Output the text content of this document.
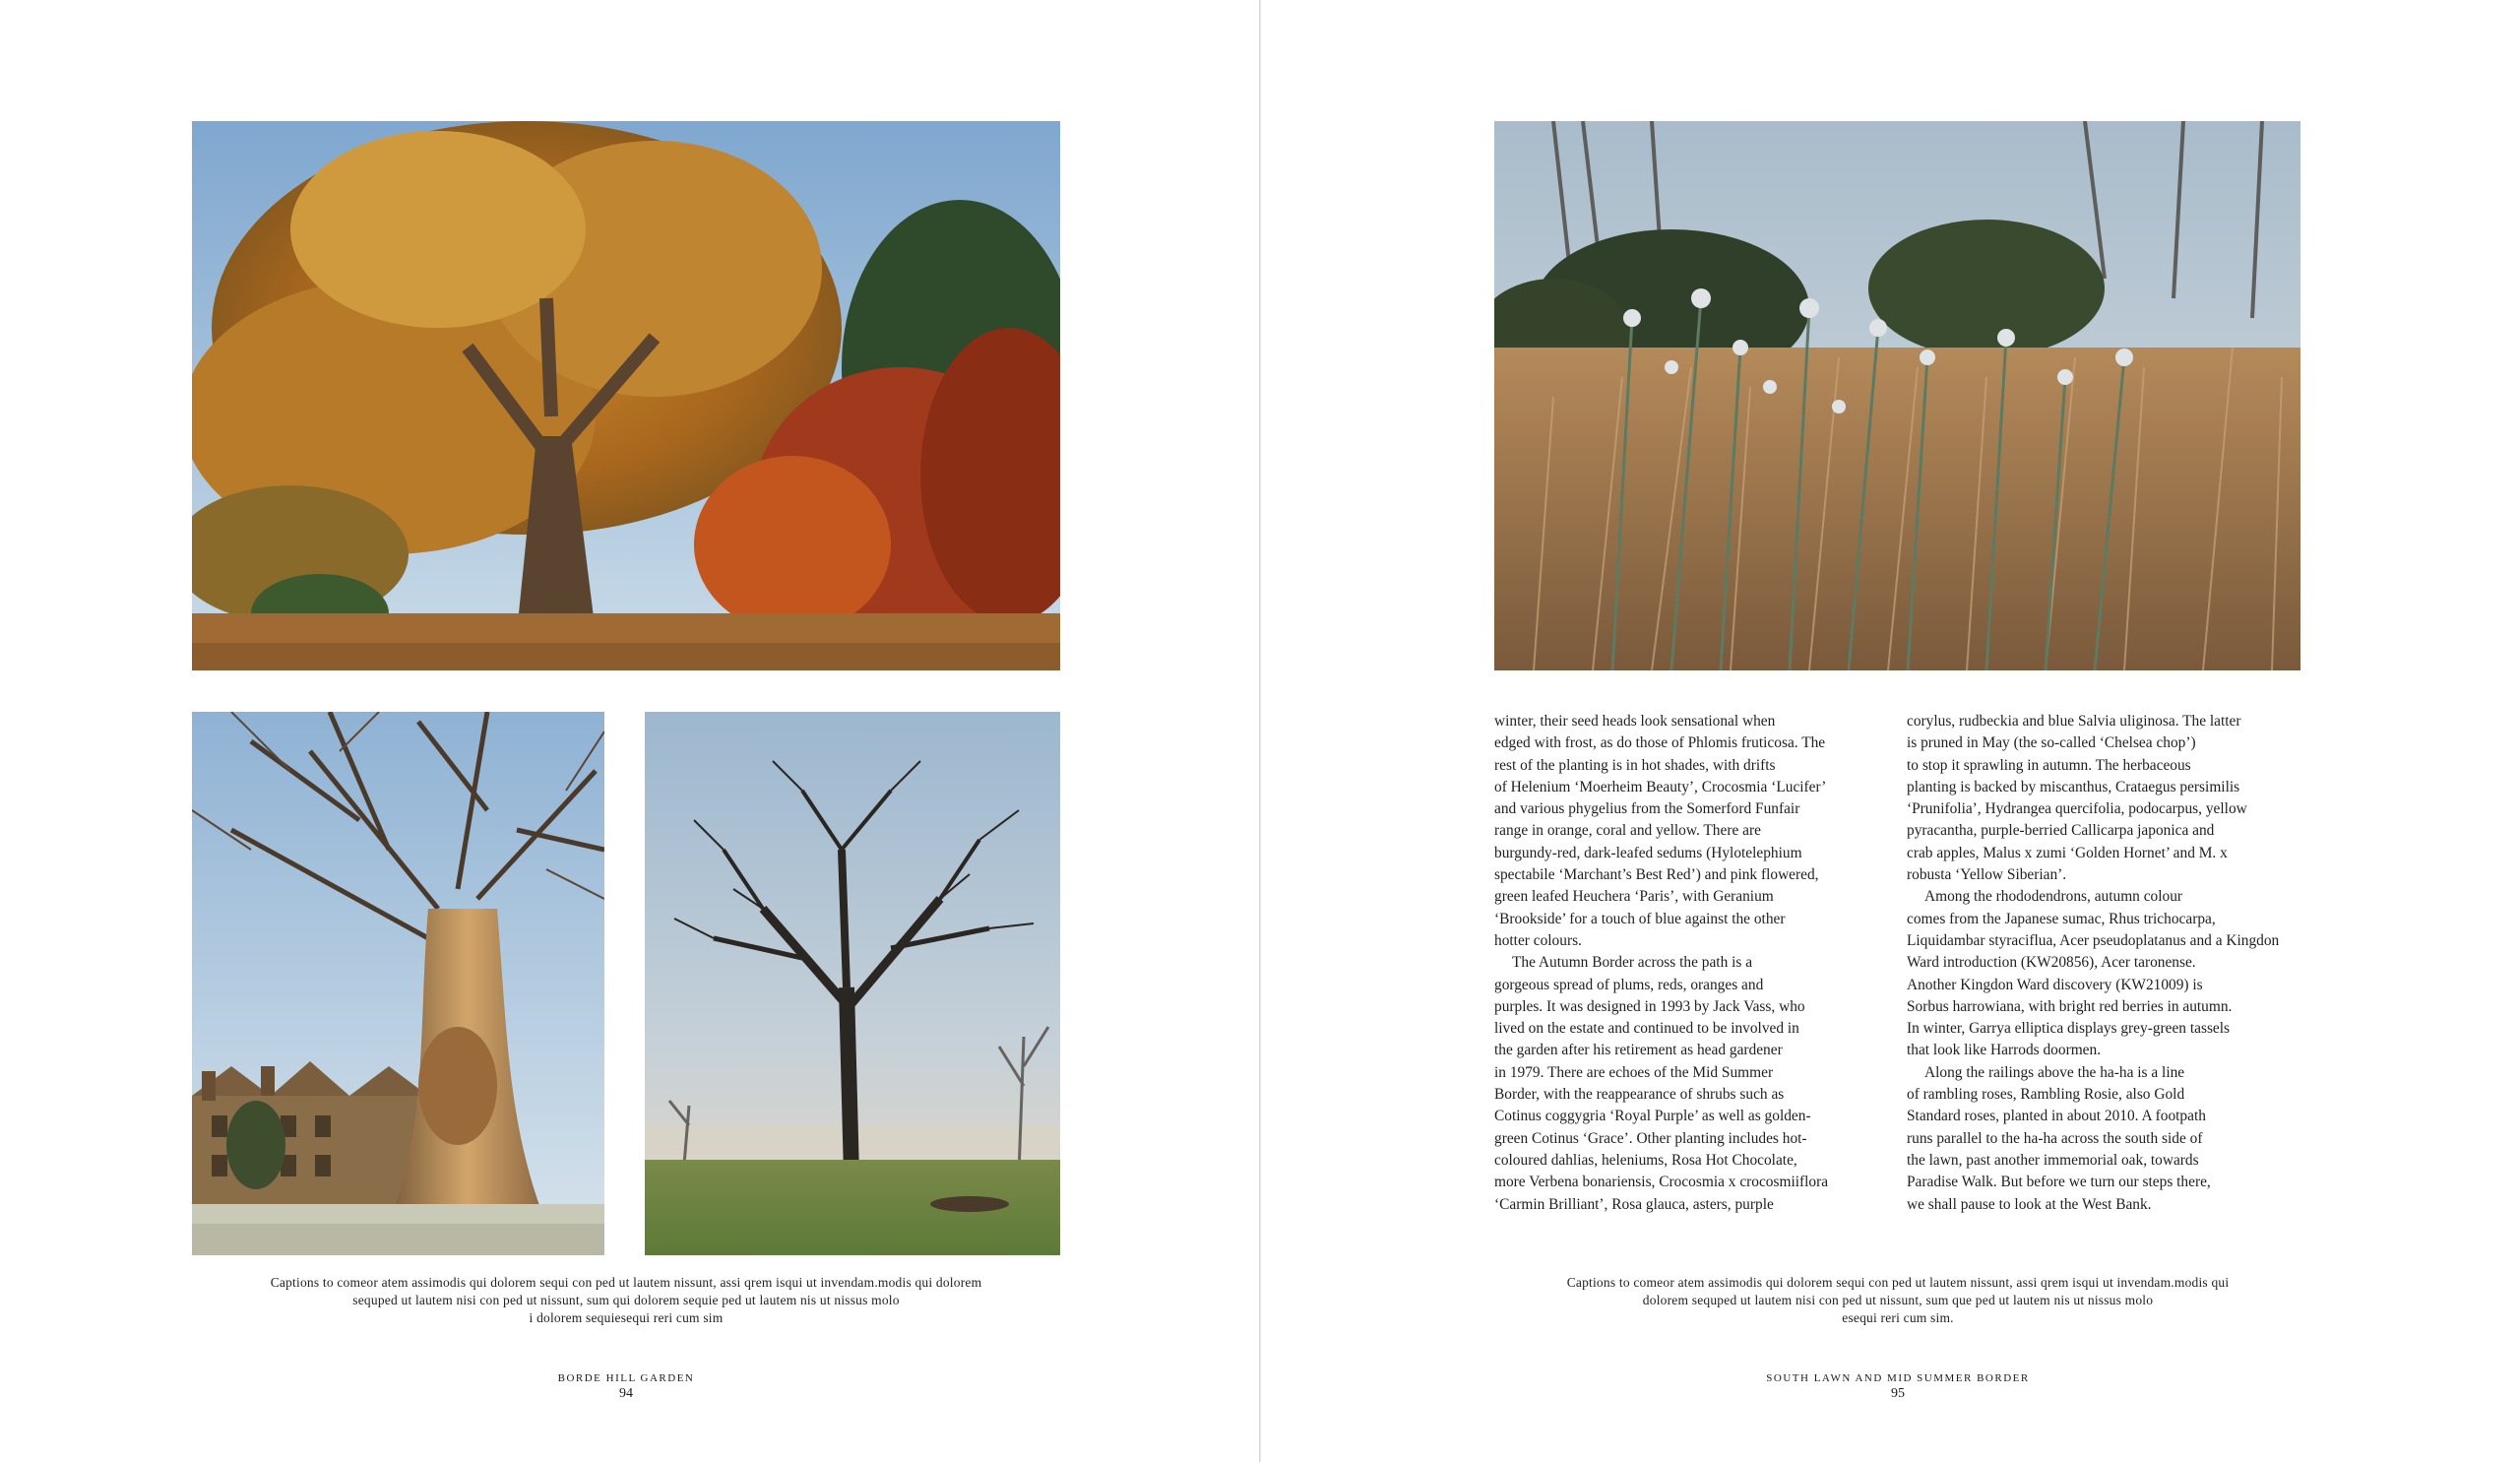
Captions to comeor atem assimodis qui dolorem sequi con ped ut lautem nissunt, assi qrem isqui ut invendam.modis qui dolorem
sequped ut lautem nisi con ped ut nissunt, sum qui dolorem sequie ped ut lautem nis ut nissus molo
i dolorem sequiesequi reri cum sim
BORDE HILL GARDEN
94
winter, their seed heads look sensational when
edged with frost, as do those of Phlomis fruticosa. The
rest of the planting is in hot shades, with drifts
of Helenium ‘Moerheim Beauty’, Crocosmia ‘Lucifer’
and various phygelius from the Somerford Funfair
range in orange, coral and yellow. There are
burgundy-red, dark-leafed sedums (Hylotelephium
spectabile ‘Marchant’s Best Red’) and pink flowered,
green leafed Heuchera ‘Paris’, with Geranium
‘Brookside’ for a touch of blue against the other
hotter colours.
The Autumn Border across the path is a
gorgeous spread of plums, reds, oranges and
purples. It was designed in 1993 by Jack Vass, who
lived on the estate and continued to be involved in
the garden after his retirement as head gardener
in 1979. There are echoes of the Mid Summer
Border, with the reappearance of shrubs such as
Cotinus coggygria ‘Royal Purple’ as well as golden-
green Cotinus ‘Grace’. Other planting includes hot-
coloured dahlias, heleniums, Rosa Hot Chocolate,
more Verbena bonariensis, Crocosmia x crocosmiiflora
‘Carmin Brilliant’, Rosa glauca, asters, purple
corylus, rudbeckia and blue Salvia uliginosa. The latter
is pruned in May (the so-called ‘Chelsea chop’)
to stop it sprawling in autumn. The herbaceous
planting is backed by miscanthus, Crataegus persimilis
‘Prunifolia’, Hydrangea quercifolia, podocarpus, yellow
pyracantha, purple-berried Callicarpa japonica and
crab apples, Malus x zumi ‘Golden Hornet’ and M. x
robusta ‘Yellow Siberian’.
Among the rhododendrons, autumn colour
comes from the Japanese sumac, Rhus trichocarpa,
Liquidambar styraciflua, Acer pseudoplatanus and a Kingdon
Ward introduction (KW20856), Acer taronense.
Another Kingdon Ward discovery (KW21009) is
Sorbus harrowiana, with bright red berries in autumn.
In winter, Garrya elliptica displays grey-green tassels
that look like Harrods doormen.
Along the railings above the ha-ha is a line
of rambling roses, Rambling Rosie, also Gold
Standard roses, planted in about 2010. A footpath
runs parallel to the ha-ha across the south side of
the lawn, past another immemorial oak, towards
Paradise Walk. But before we turn our steps there,
we shall pause to look at the West Bank.
Captions to comeor atem assimodis qui dolorem sequi con ped ut lautem nissunt, assi qrem isqui ut invendam.modis qui
dolorem sequped ut lautem nisi con ped ut nissunt, sum que ped ut lautem nis ut nissus molo
esequi reri cum sim.
SOUTH LAWN AND MID SUMMER BORDER
95
